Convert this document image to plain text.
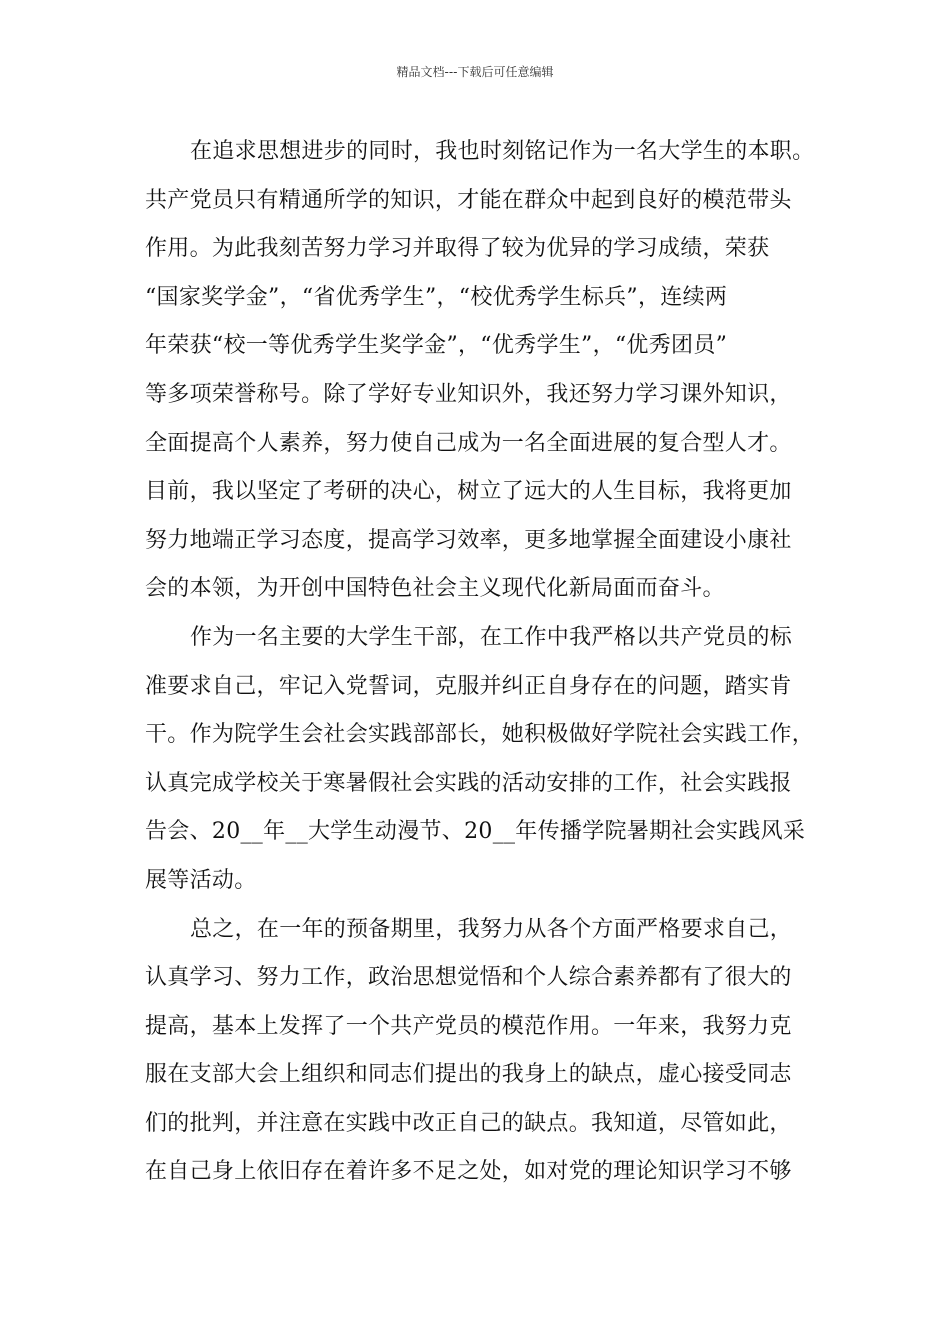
精品文档---下载后可任意编辑
在追求思想进步的同时，我也时刻铭记作为一名大学生的本职。
共产党员只有精通所学的知识，才能在群众中起到良好的模范带头
作用。为此我刻苦努力学习并取得了较为优异的学习成绩，荣获
“国家奖学金”，“省优秀学生”，“校优秀学生标兵”，连续两
年荣获“校一等优秀学生奖学金”，“优秀学生”，“优秀团员”
等多项荣誉称号。除了学好专业知识外，我还努力学习课外知识，
全面提高个人素养，努力使自己成为一名全面进展的复合型人才。
目前，我以坚定了考研的决心，树立了远大的人生目标，我将更加
努力地端正学习态度，提高学习效率，更多地掌握全面建设小康社
会的本领，为开创中国特色社会主义现代化新局面而奋斗。
作为一名主要的大学生干部，在工作中我严格以共产党员的标
准要求自己，牢记入党誓词，克服并纠正自身存在的问题，踏实肯
干。作为院学生会社会实践部部长，她积极做好学院社会实践工作，
认真完成学校关于寒暑假社会实践的活动安排的工作，社会实践报
告会、20__年__大学生动漫节、20__年传播学院暑期社会实践风采
展等活动。
总之，在一年的预备期里，我努力从各个方面严格要求自己，
认真学习、努力工作，政治思想觉悟和个人综合素养都有了很大的
提高，基本上发挥了一个共产党员的模范作用。一年来，我努力克
服在支部大会上组织和同志们提出的我身上的缺点，虚心接受同志
们的批判，并注意在实践中改正自己的缺点。我知道，尽管如此，
在自己身上依旧存在着许多不足之处，如对党的理论知识学习不够
